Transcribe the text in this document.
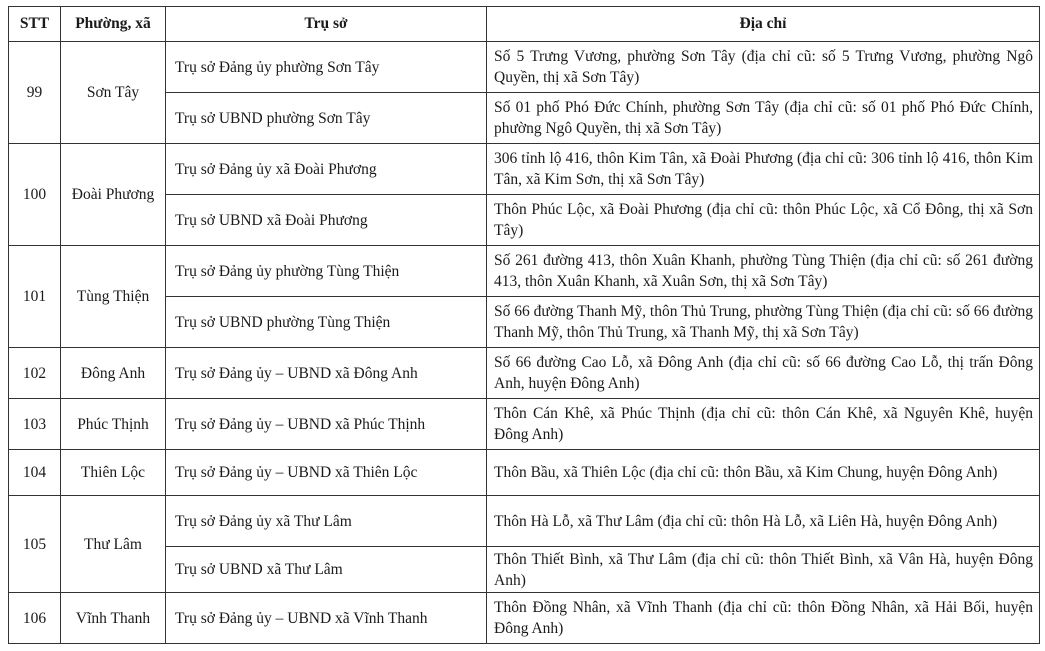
STT	Phường, xã	Trụ sở	Địa chỉ
99	Sơn Tây	Trụ sở Đảng ủy phường Sơn Tây	Số 5 Trưng Vương, phường Sơn Tây (địa chỉ cũ: số 5 Trưng Vương, phường Ngô Quyền, thị xã Sơn Tây)
		Trụ sở UBND phường Sơn Tây	Số 01 phố Phó Đức Chính, phường Sơn Tây (địa chỉ cũ: số 01 phố Phó Đức Chính, phường Ngô Quyền, thị xã Sơn Tây)
100	Đoài Phương	Trụ sở Đảng ủy xã Đoài Phương	306 tỉnh lộ 416, thôn Kim Tân, xã Đoài Phương (địa chỉ cũ: 306 tỉnh lộ 416, thôn Kim Tân, xã Kim Sơn, thị xã Sơn Tây)
		Trụ sở UBND xã Đoài Phương	Thôn Phúc Lộc, xã Đoài Phương (địa chỉ cũ: thôn Phúc Lộc, xã Cổ Đông, thị xã Sơn Tây)
101	Tùng Thiện	Trụ sở Đảng ủy phường Tùng Thiện	Số 261 đường 413, thôn Xuân Khanh, phường Tùng Thiện (địa chỉ cũ: số 261 đường 413, thôn Xuân Khanh, xã Xuân Sơn, thị xã Sơn Tây)
		Trụ sở UBND phường Tùng Thiện	Số 66 đường Thanh Mỹ, thôn Thủ Trung, phường Tùng Thiện (địa chỉ cũ: số 66 đường Thanh Mỹ, thôn Thủ Trung, xã Thanh Mỹ, thị xã Sơn Tây)
102	Đông Anh	Trụ sở Đảng ủy – UBND xã Đông Anh	Số 66 đường Cao Lỗ, xã Đông Anh (địa chỉ cũ: số 66 đường Cao Lỗ, thị trấn Đông Anh, huyện Đông Anh)
103	Phúc Thịnh	Trụ sở Đảng ủy – UBND xã Phúc Thịnh	Thôn Cán Khê, xã Phúc Thịnh (địa chỉ cũ: thôn Cán Khê, xã Nguyên Khê, huyện Đông Anh)
104	Thiên Lộc	Trụ sở Đảng ủy – UBND xã Thiên Lộc	Thôn Bầu, xã Thiên Lộc (địa chỉ cũ: thôn Bầu, xã Kim Chung, huyện Đông Anh)
105	Thư Lâm	Trụ sở Đảng ủy xã Thư Lâm	Thôn Hà Lỗ, xã Thư Lâm (địa chỉ cũ: thôn Hà Lỗ, xã Liên Hà, huyện Đông Anh)
		Trụ sở UBND xã Thư Lâm	Thôn Thiết Bình, xã Thư Lâm (địa chỉ cũ: thôn Thiết Bình, xã Vân Hà, huyện Đông Anh)
106	Vĩnh Thanh	Trụ sở Đảng ủy – UBND xã Vĩnh Thanh	Thôn Đồng Nhân, xã Vĩnh Thanh (địa chỉ cũ: thôn Đồng Nhân, xã Hải Bối, huyện Đông Anh)
